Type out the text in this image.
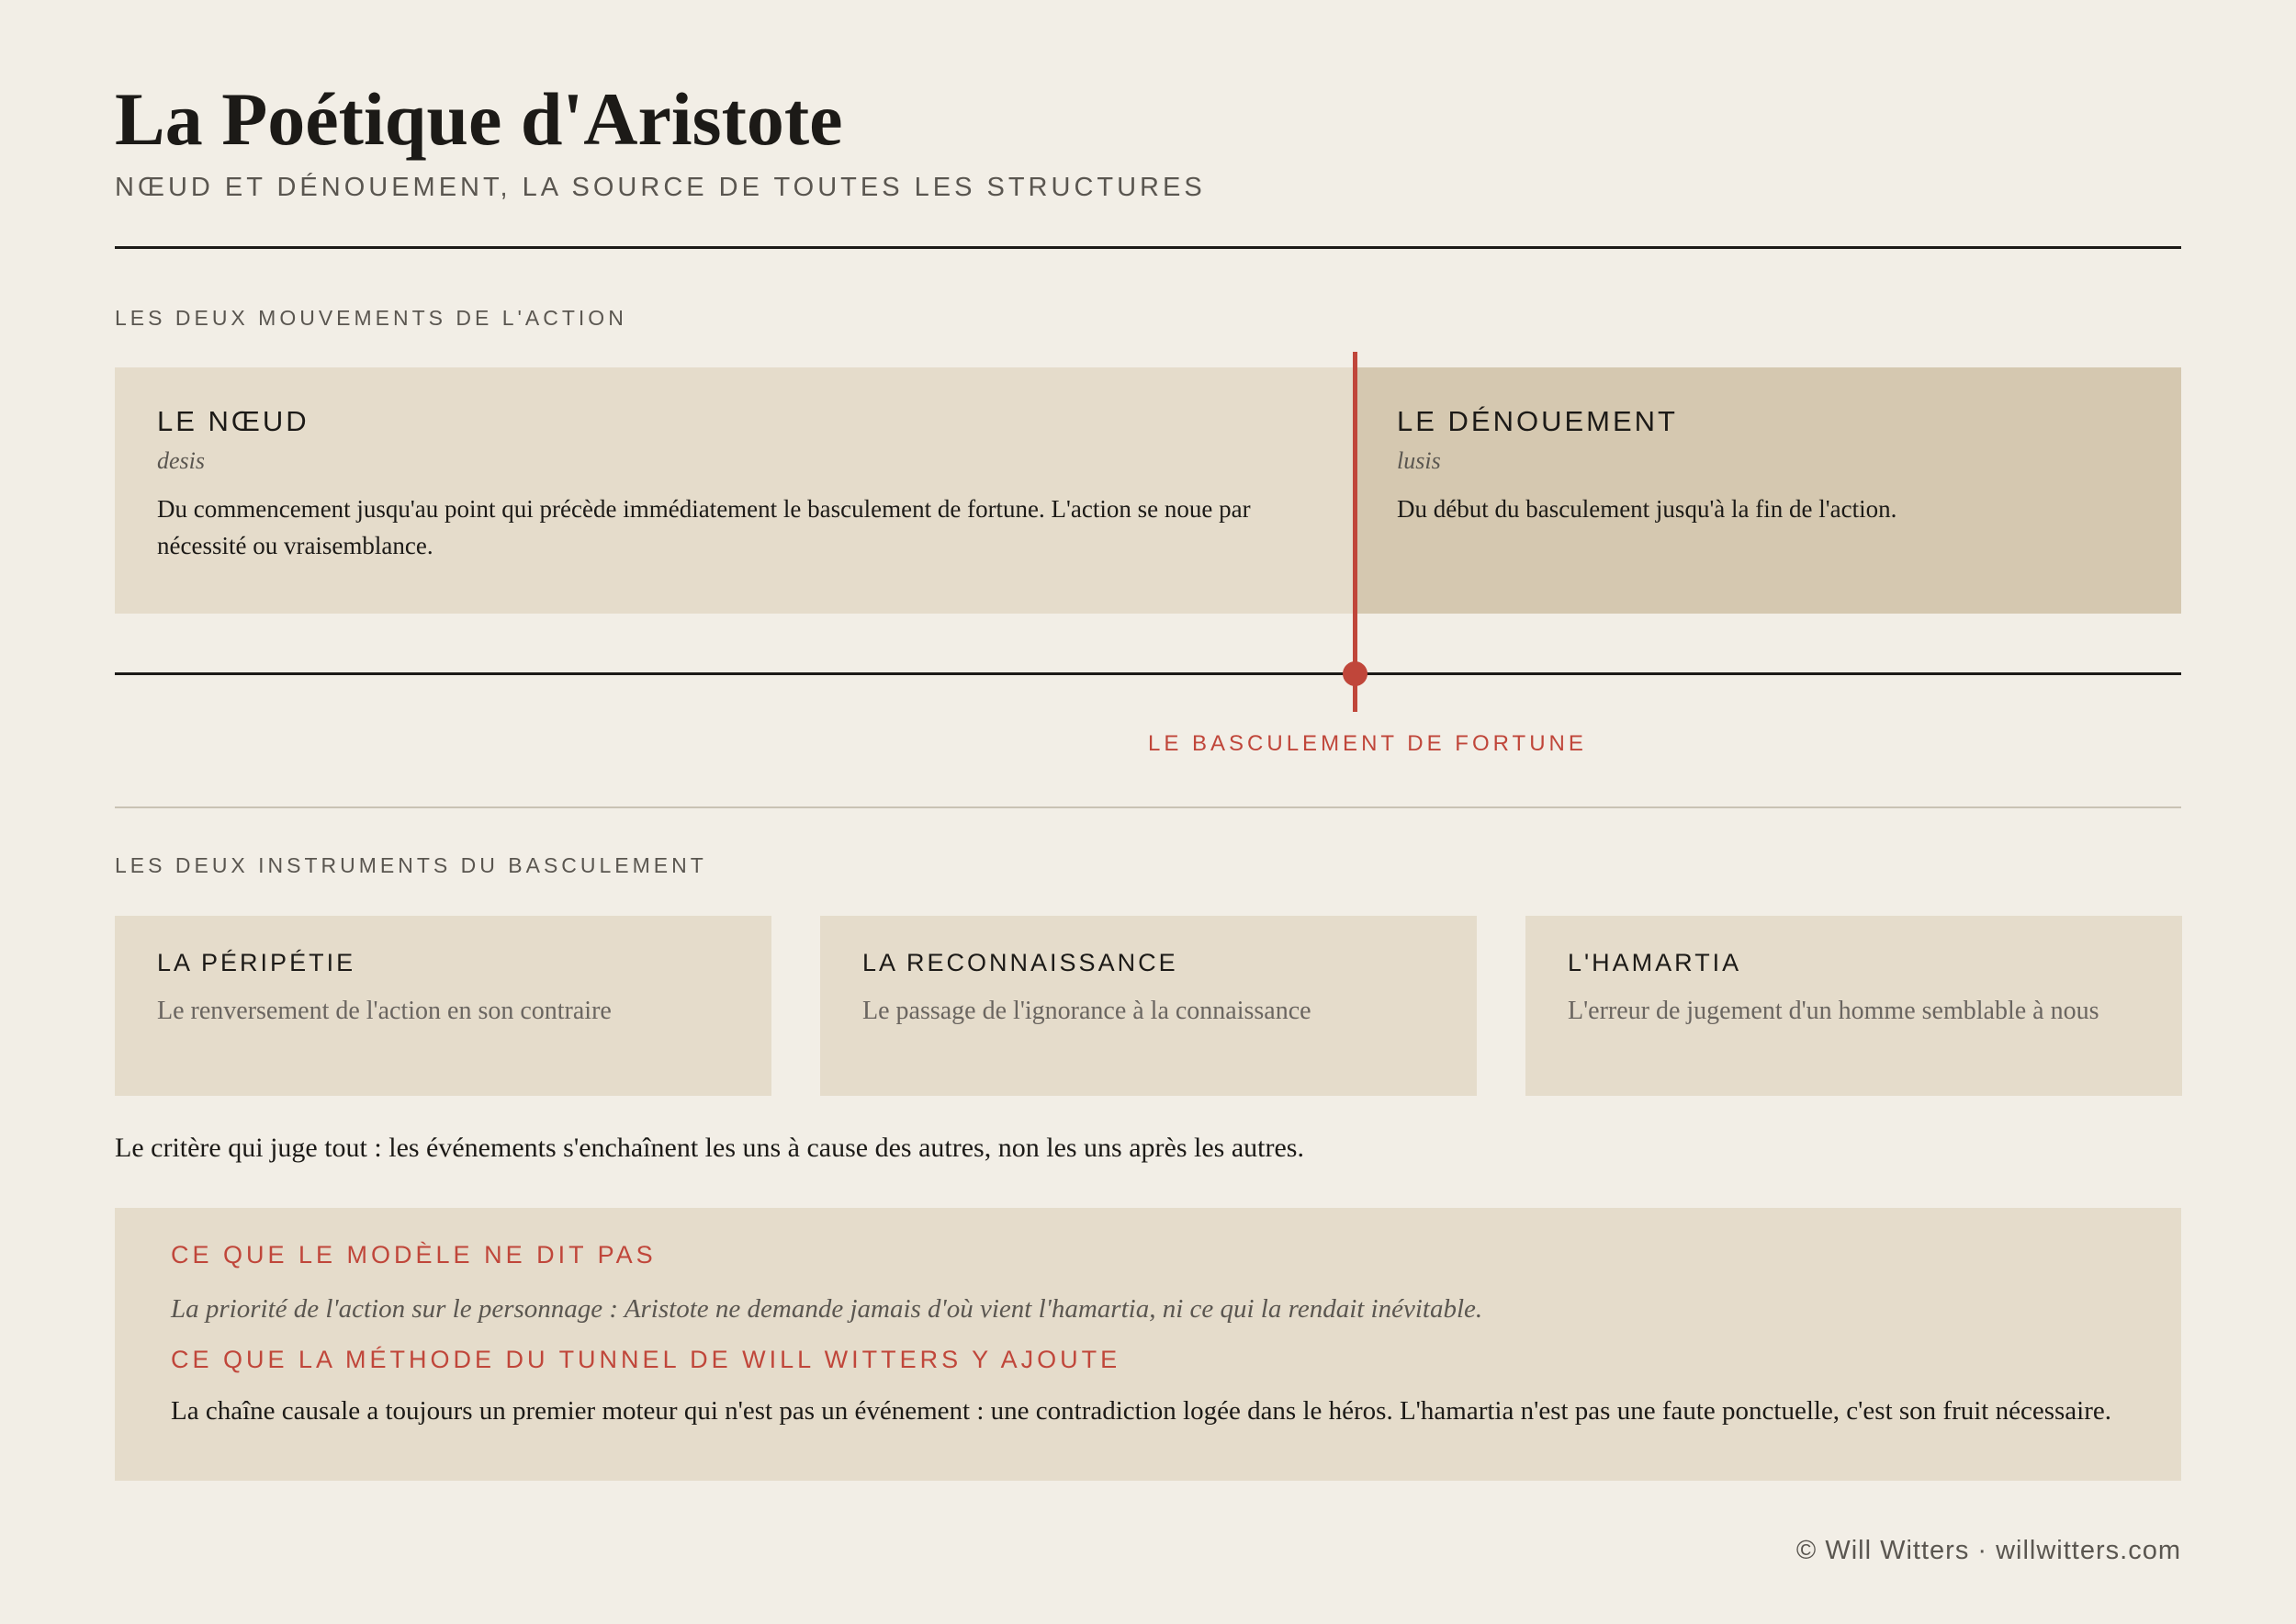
La Poétique d'Aristote
NŒUD ET DÉNOUEMENT, LA SOURCE DE TOUTES LES STRUCTURES
LES DEUX MOUVEMENTS DE L'ACTION
LE NŒUD
desis
Du commencement jusqu'au point qui précède immédiatement le basculement de fortune. L'action se noue par nécessité ou vraisemblance.
LE DÉNOUEMENT
lusis
Du début du basculement jusqu'à la fin de l'action.
LE BASCULEMENT DE FORTUNE
LES DEUX INSTRUMENTS DU BASCULEMENT
LA PÉRIPÉTIE
Le renversement de l'action en son contraire
LA RECONNAISSANCE
Le passage de l'ignorance à la connaissance
L'HAMARTIA
L'erreur de jugement d'un homme semblable à nous

Le critère qui juge tout : les événements s'enchaînent les uns à cause des autres, non les uns après les autres.

CE QUE LE MODÈLE NE DIT PAS
La priorité de l'action sur le personnage : Aristote ne demande jamais d'où vient l'hamartia, ni ce qui la rendait inévitable.
CE QUE LA MÉTHODE DU TUNNEL DE WILL WITTERS Y AJOUTE
La chaîne causale a toujours un premier moteur qui n'est pas un événement : une contradiction logée dans le héros. L'hamartia n'est pas une faute ponctuelle, c'est son fruit nécessaire.
© Will Witters · willwitters.com
